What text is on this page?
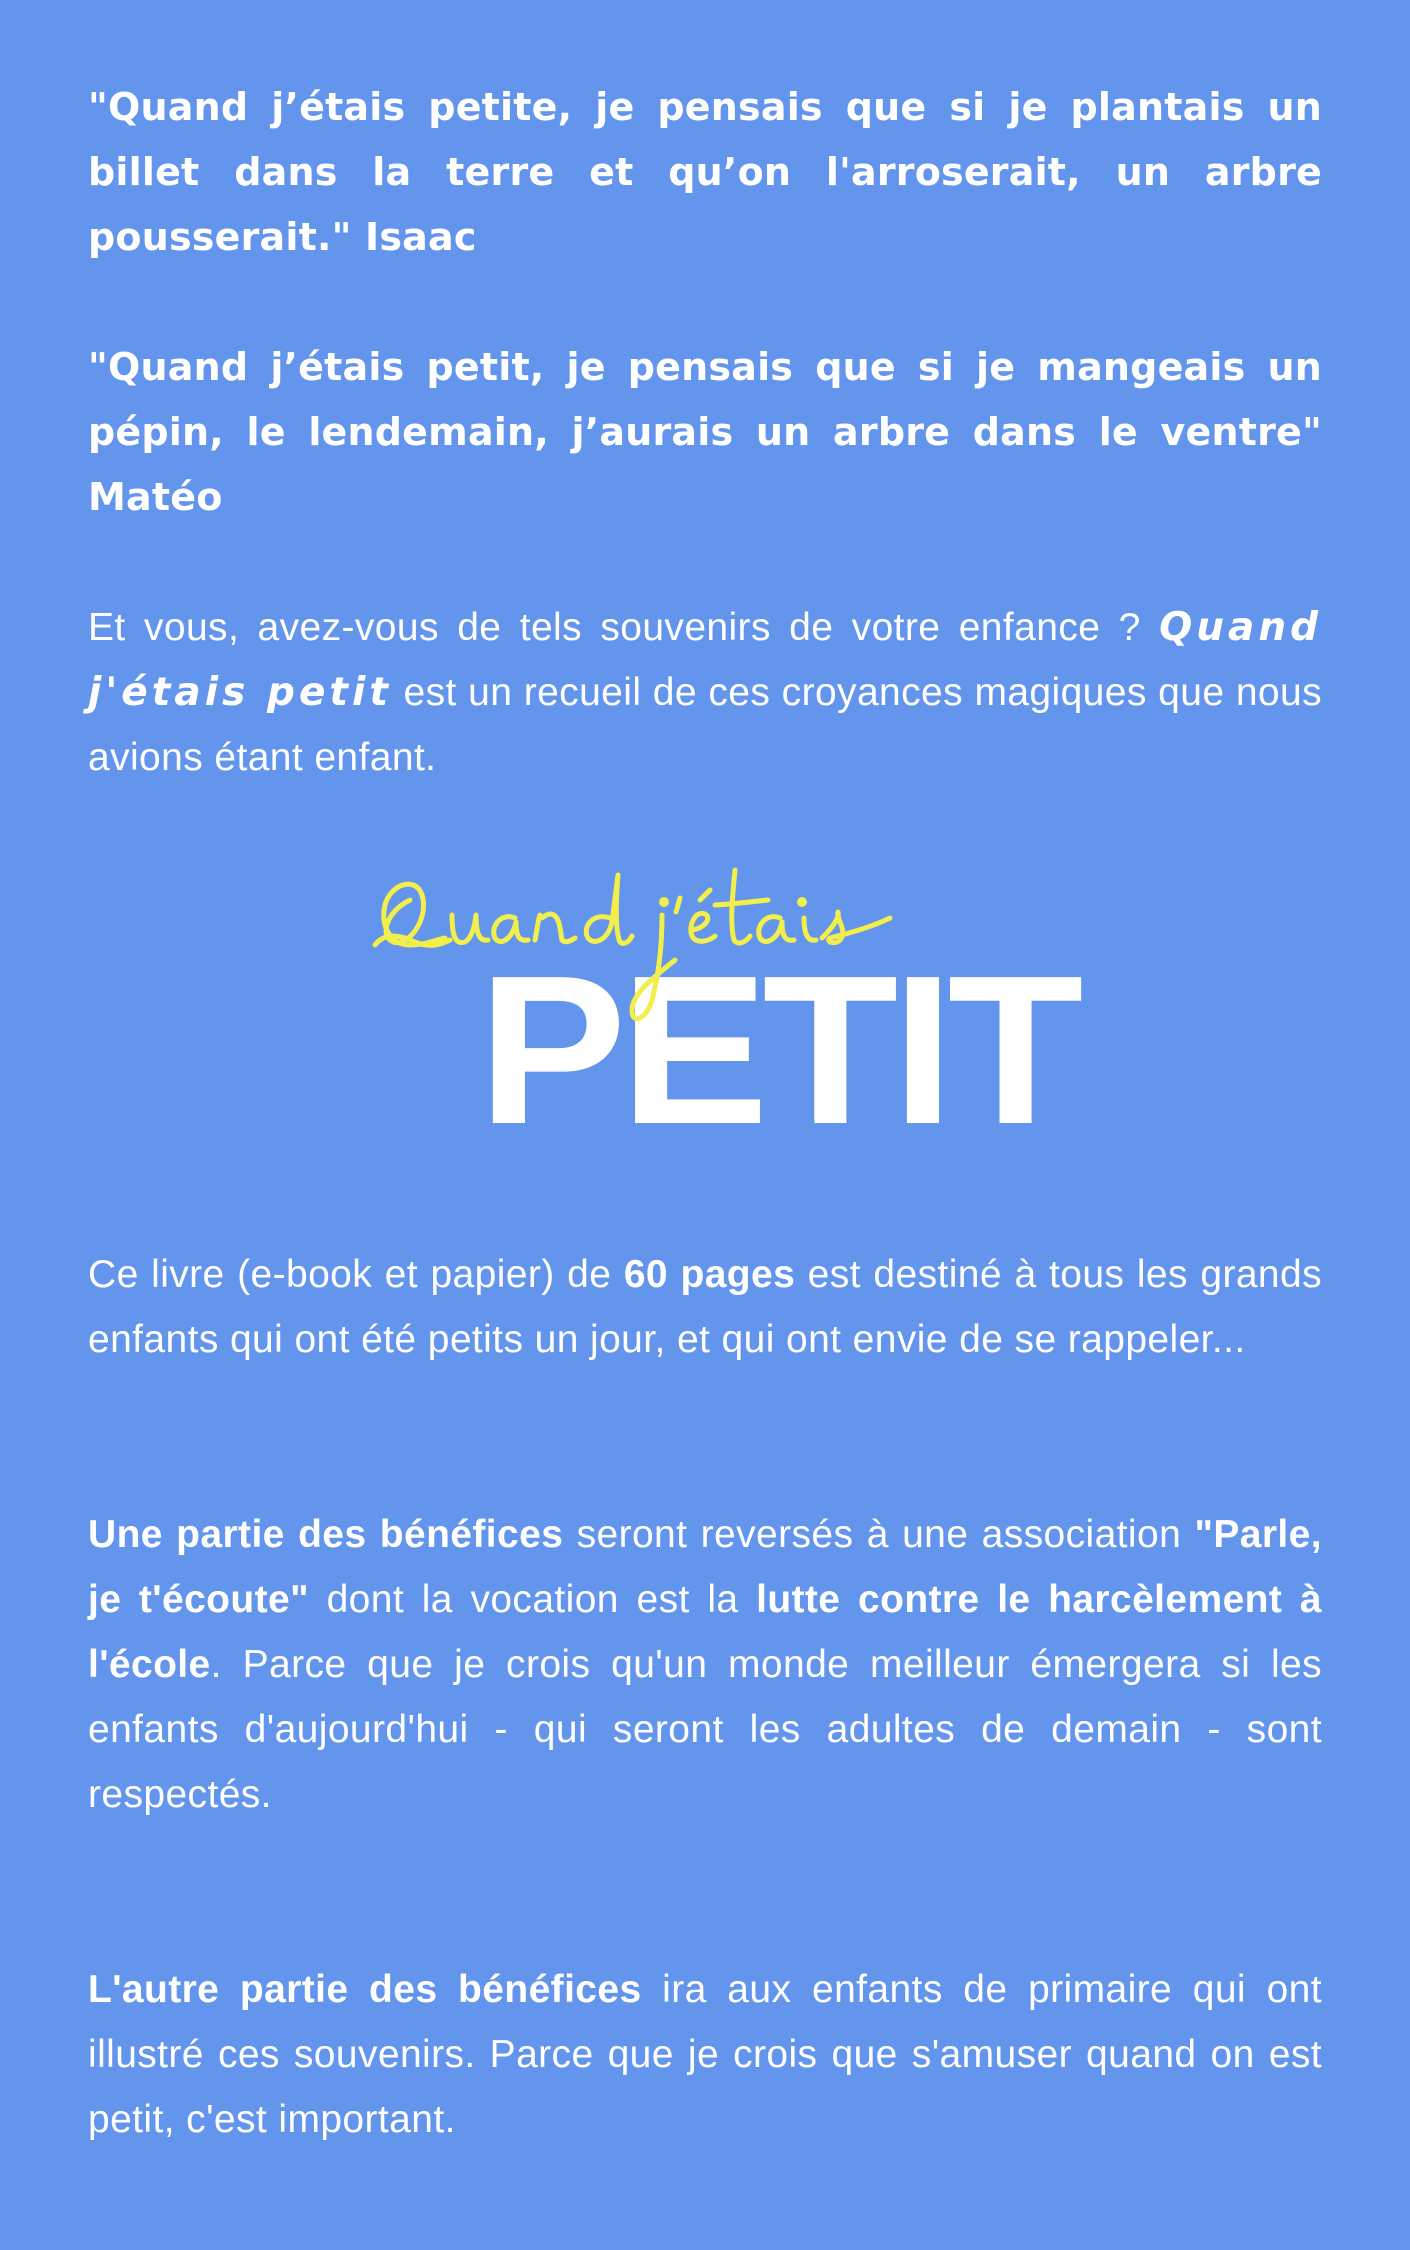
"Quand j’étais petite, je pensais que si je plantais un billet dans la terre et qu’on l'arroserait, un arbre pousserait." Isaac

"Quand j’étais petit, je pensais que si je mangeais un pépin, le lendemain, j’aurais un arbre dans le ventre" Matéo

Et vous, avez-vous de tels souvenirs de votre enfance ? Quand j'étais petit est un recueil de ces croyances magiques que nous avions étant enfant.

Ce livre (e-book et papier) de 60 pages est destiné à tous les grands enfants qui ont été petits un jour, et qui ont envie de se rappeler...

Une partie des bénéfices seront reversés à une association "Parle, je t'écoute" dont la vocation est la lutte contre le harcèlement à l'école. Parce que je crois qu'un monde meilleur émergera si les enfants d'aujourd'hui - qui seront les adultes de demain - sont respectés.

L'autre partie des bénéfices ira aux enfants de primaire qui ont illustré ces souvenirs. Parce que je crois que s'amuser quand on est petit, c'est important.

PETIT
